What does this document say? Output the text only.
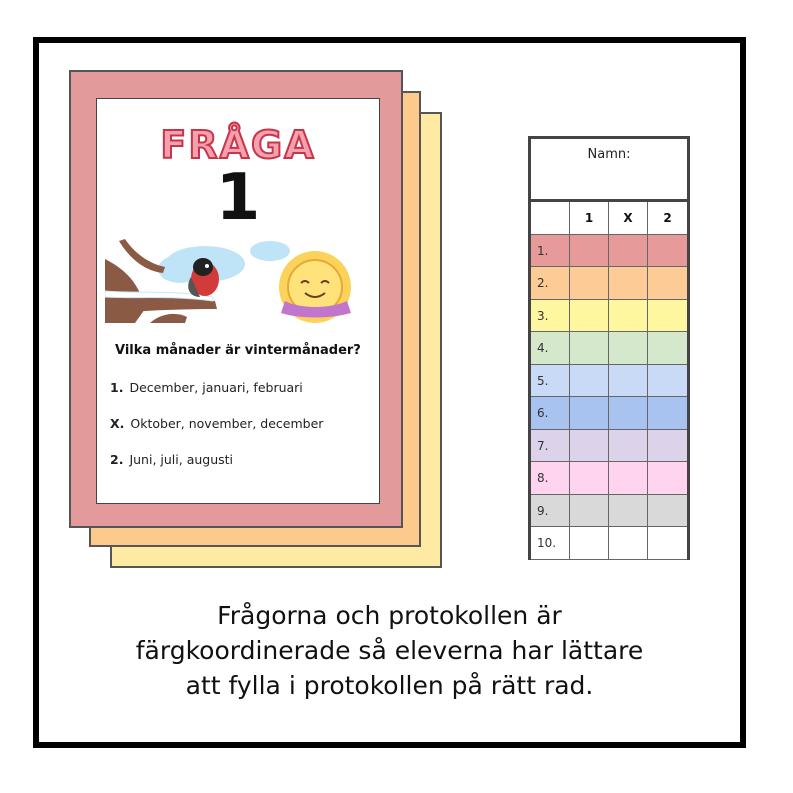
FRÅGA
1
Vilka månader är vintermånader?
1. December, januari, februari
X. Oktober, november, december
2. Juni, juli, augusti
Namn:
1	X	2
1.
2.
3.
4.
5.
6.
7.
8.
9.
10.
Frågorna och protokollen är
färgkoordinerade så eleverna har lättare
att fylla i protokollen på rätt rad.
